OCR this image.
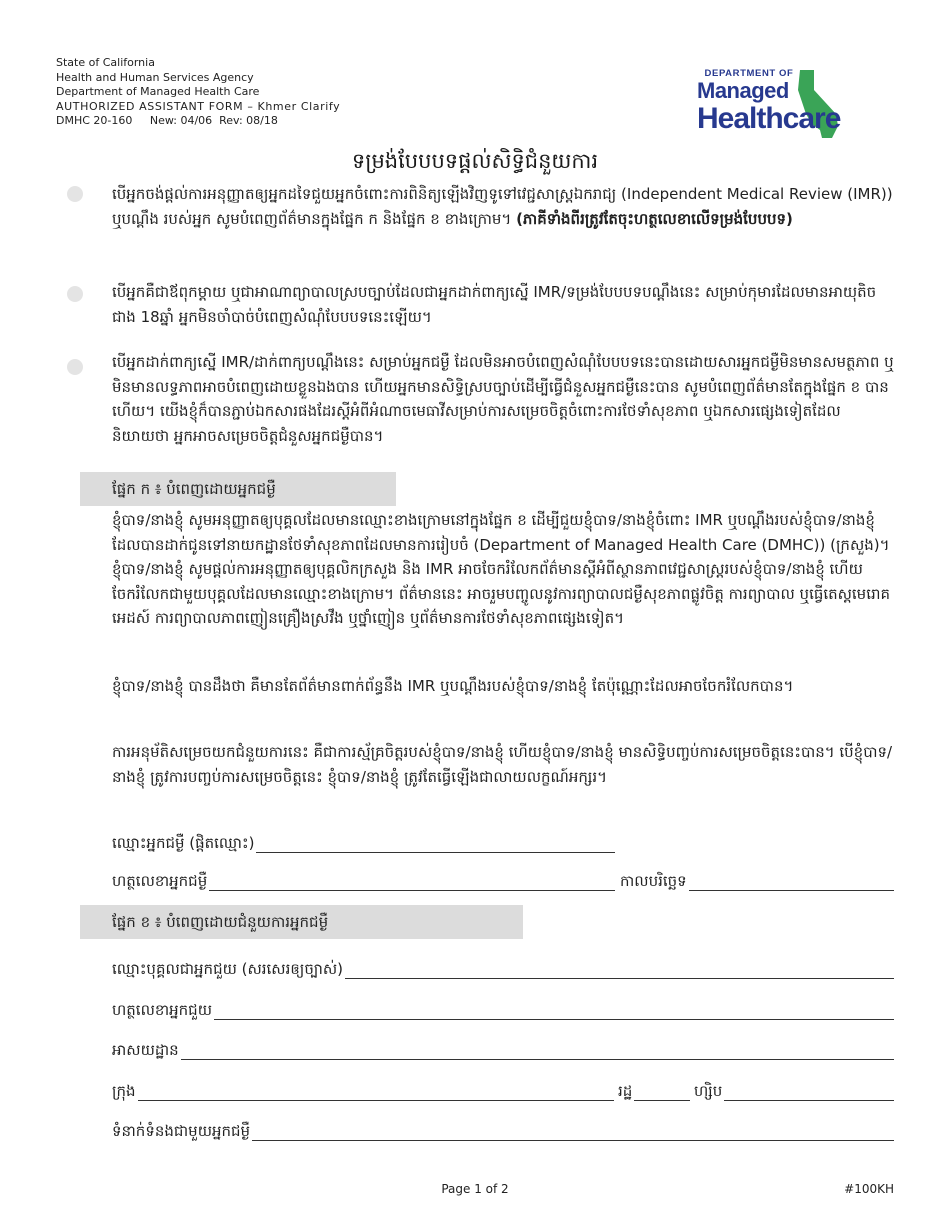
State of California
Health and Human Services Agency
Department of Managed Health Care
AUTHORIZED ASSISTANT FORM – Khmer Clarify
DMHC 20-160     New: 04/06  Rev: 08/18
DEPARTMENT OF
Managed
Healthcare
ទម្រង់បែបបទផ្តល់សិទ្ធិជំនួយការ
បើអ្នកចង់ផ្តល់ការអនុញ្ញាតឲ្យអ្នកដទៃជួយអ្នកចំពោះការពិនិត្យឡើងវិញទូទៅវេជ្ជសាស្ត្រឯករាជ្យ (Independent Medical Review (IMR)) ឬបណ្តឹង របស់អ្នក សូមបំពេញព័ត៌មានក្នុងផ្នែក ក និងផ្នែក ខ ខាងក្រោម។ (ភាគីទាំងពីរត្រូវតែចុះហត្ថលេខាលើទម្រង់បែបបទ)
បើអ្នកគឺជាឪពុកម្តាយ ឬជាអាណាព្យាបាលស្របច្បាប់ដែលជាអ្នកដាក់ពាក្យស្នើ IMR/ទម្រង់បែបបទបណ្តឹងនេះ សម្រាប់កុមារដែលមានអាយុតិចជាង 18ឆ្នាំ អ្នកមិនចាំបាច់បំពេញសំណុំបែបបទនេះឡើយ។
បើអ្នកដាក់ពាក្យស្នើ IMR/ដាក់ពាក្យបណ្តឹងនេះ សម្រាប់អ្នកជម្ងឺ ដែលមិនអាចបំពេញសំណុំបែបបទនេះបានដោយសារអ្នកជម្ងឺមិនមានសមត្ថភាព ឬមិនមានលទ្ធភាពអាចបំពេញដោយខ្លួនឯងបាន ហើយអ្នកមានសិទ្ធិស្របច្បាប់ដើម្បីធ្វើជំនួសអ្នកជម្ងឺនេះបាន សូមបំពេញព័ត៌មានតែក្នុងផ្នែក ខ បានហើយ។ យើងខ្ញុំក៏បានភ្ជាប់ឯកសារផងដែរស្តីអំពីអំណាចមេធាវីសម្រាប់ការសម្រេចចិត្តចំពោះការថែទាំសុខភាព ឬឯកសារផ្សេងទៀតដែលនិយាយថា អ្នកអាចសម្រេចចិត្តជំនួសអ្នកជម្ងឺបាន។
ផ្នែក ក ៖ បំពេញដោយអ្នកជម្ងឺ
ខ្ញុំបាទ/នាងខ្ញុំ សូមអនុញ្ញាតឲ្យបុគ្គលដែលមានឈ្មោះខាងក្រោមនៅក្នុងផ្នែក ខ ដើម្បីជួយខ្ញុំបាទ/នាងខ្ញុំចំពោះ IMR ឬបណ្តឹងរបស់ខ្ញុំបាទ/នាងខ្ញុំ ដែលបានដាក់ជូនទៅនាយកដ្ឋានថែទាំសុខភាពដែលមានការរៀបចំ (Department of Managed Health Care (DMHC)) (ក្រសួង)។ ខ្ញុំបាទ/នាងខ្ញុំ សូមផ្តល់ការអនុញ្ញាតឲ្យបុគ្គលិកក្រសួង និង IMR អាចចែករំលែកព័ត៌មានស្តីអំពីស្ថានភាពវេជ្ជសាស្ត្ររបស់ខ្ញុំបាទ/នាងខ្ញុំ ហើយចែករំលែកជាមួយបុគ្គលដែលមានឈ្មោះខាងក្រោម។ ព័ត៌មាននេះ អាចរួមបញ្ចូលនូវការព្យាបាលជម្ងឺសុខភាពផ្លូវចិត្ត ការព្យាបាល ឬធ្វើតេស្តមេរោគអេដស៍ ការព្យាបាលភាពញៀនគ្រឿងស្រវឹង ឬថ្នាំញៀន ឬព័ត៌មានការថែទាំសុខភាពផ្សេងទៀត។
ខ្ញុំបាទ/នាងខ្ញុំ បានដឹងថា គឺមានតែព័ត៌មានពាក់ព័ន្ធនឹង IMR ឬបណ្តឹងរបស់ខ្ញុំបាទ/នាងខ្ញុំ តែប៉ុណ្ណោះដែលអាចចែករំលែកបាន។
ការអនុម័តិសម្រេចយកជំនួយការនេះ គឺជាការស្ម័គ្រចិត្តរបស់ខ្ញុំបាទ/នាងខ្ញុំ ហើយខ្ញុំបាទ/នាងខ្ញុំ មានសិទ្ធិបញ្ចប់ការសម្រេចចិត្តនេះបាន។ បើខ្ញុំបាទ/នាងខ្ញុំ ត្រូវការបញ្ចប់ការសម្រេចចិត្តនេះ ខ្ញុំបាទ/នាងខ្ញុំ ត្រូវតែធ្វើឡើងជាលាយលក្ខណ៍អក្សរ។
ឈ្មោះអ្នកជម្ងឺ (ផ្តិតឈ្មោះ)
ហត្ថលេខាអ្នកជម្ងឺ	កាលបរិច្ឆេទ
ផ្នែក ខ ៖ បំពេញដោយជំនួយការអ្នកជម្ងឺ
ឈ្មោះបុគ្គលជាអ្នកជួយ (សរសេរឲ្យច្បាស់)
ហត្ថលេខាអ្នកជួយ
អាសយដ្ឋាន
ក្រុង	រដ្ឋ	ហ្សិប
ទំនាក់ទំនងជាមួយអ្នកជម្ងឺ
Page 1 of 2	#100KH
